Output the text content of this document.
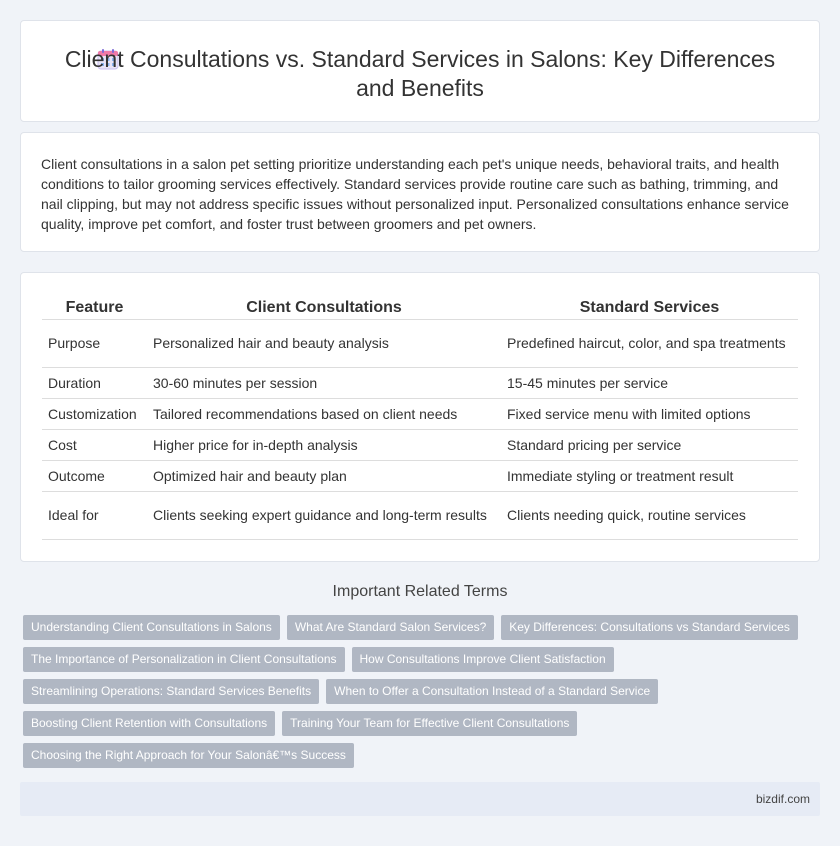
Client Consultations vs. Standard Services in Salons: Key Differences and Benefits

Client consultations in a salon pet setting prioritize understanding each pet's unique needs, behavioral traits, and health conditions to tailor grooming services effectively. Standard services provide routine care such as bathing, trimming, and nail clipping, but may not address specific issues without personalized input. Personalized consultations enhance service quality, improve pet comfort, and foster trust between groomers and pet owners.

Feature	Client Consultations	Standard Services
Purpose	Personalized hair and beauty analysis	Predefined haircut, color, and spa treatments
Duration	30-60 minutes per session	15-45 minutes per service
Customization	Tailored recommendations based on client needs	Fixed service menu with limited options
Cost	Higher price for in-depth analysis	Standard pricing per service
Outcome	Optimized hair and beauty plan	Immediate styling or treatment result
Ideal for	Clients seeking expert guidance and long-term results	Clients needing quick, routine services
Important Related Terms
Understanding Client Consultations in Salons	What Are Standard Salon Services?	Key Differences: Consultations vs Standard Services
The Importance of Personalization in Client Consultations	How Consultations Improve Client Satisfaction
Streamlining Operations: Standard Services Benefits	When to Offer a Consultation Instead of a Standard Service
Boosting Client Retention with Consultations	Training Your Team for Effective Client Consultations
Choosing the Right Approach for Your Salonâ€™s Success
bizdif.com
